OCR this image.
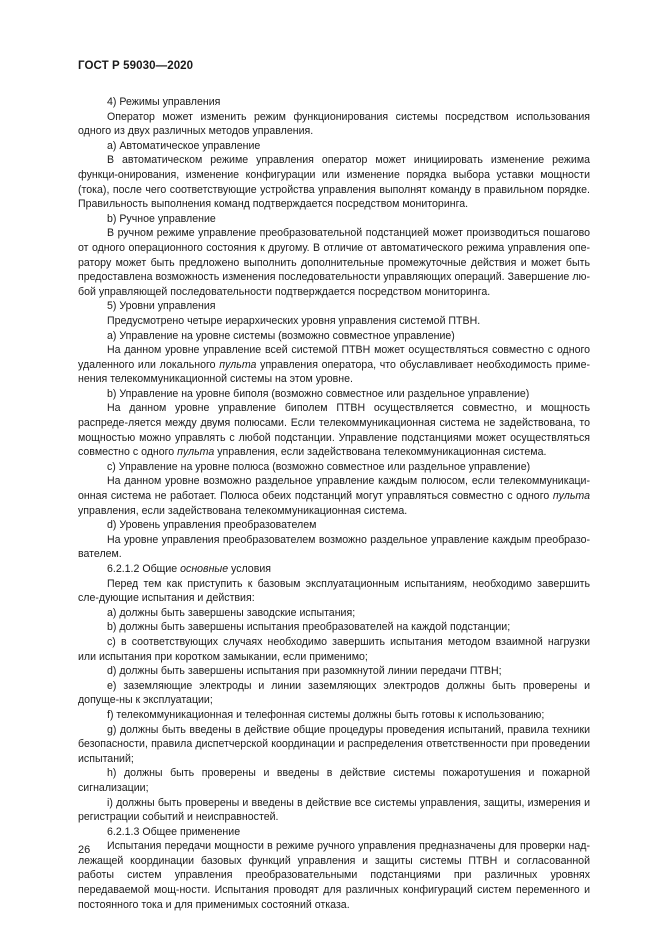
ГОСТ Р 59030—2020

4) Режимы управления

Оператор может изменить режим функционирования системы посредством использования одного из двух различных методов управления.

a) Автоматическое управление

В автоматическом режиме управления оператор может инициировать изменение режима функци-онирования, изменение конфигурации или изменение порядка выбора уставки мощности (тока), после чего соответствующие устройства управления выполнят команду в правильном порядке. Правильность выполнения команд подтверждается посредством мониторинга.

b) Ручное управление

В ручном режиме управление преобразовательной подстанцией может производиться пошагово от одного операционного состояния к другому. В отличие от автоматического режима управления опе-ратору может быть предложено выполнить дополнительные промежуточные действия и может быть предоставлена возможность изменения последовательности управляющих операций. Завершение лю-бой управляющей последовательности подтверждается посредством мониторинга.

5) Уровни управления

Предусмотрено четыре иерархических уровня управления системой ПТВН.

a) Управление на уровне системы (возможно совместное управление)

На данном уровне управление всей системой ПТВН может осуществляться совместно с одного удаленного или локального пульта управления оператора, что обуславливает необходимость приме-нения телекоммуникационной системы на этом уровне.

b) Управление на уровне биполя (возможно совместное или раздельное управление)

На данном уровне управление биполем ПТВН осуществляется совместно, и мощность распреде-ляется между двумя полюсами. Если телекоммуникационная система не задействована, то мощностью можно управлять с любой подстанции. Управление подстанциями может осуществляться совместно с одного пульта управления, если задействована телекоммуникационная система.

c) Управление на уровне полюса (возможно совместное или раздельное управление)

На данном уровне возможно раздельное управление каждым полюсом, если телекоммуникаци-онная система не работает. Полюса обеих подстанций могут управляться совместно с одного пульта управления, если задействована телекоммуникационная система.

d) Уровень управления преобразователем

На уровне управления преобразователем возможно раздельное управление каждым преобразо-вателем.

6.2.1.2 Общие основные условия

Перед тем как приступить к базовым эксплуатационным испытаниям, необходимо завершить сле-дующие испытания и действия:

a) должны быть завершены заводские испытания;

b) должны быть завершены испытания преобразователей на каждой подстанции;

c) в соответствующих случаях необходимо завершить испытания методом взаимной нагрузки или испытания при коротком замыкании, если применимо;

d) должны быть завершены испытания при разомкнутой линии передачи ПТВН;

e) заземляющие электроды и линии заземляющих электродов должны быть проверены и допуще-ны к эксплуатации;

f) телекоммуникационная и телефонная системы должны быть готовы к использованию;

g) должны быть введены в действие общие процедуры проведения испытаний, правила техники безопасности, правила диспетчерской координации и распределения ответственности при проведении испытаний;

h) должны быть проверены и введены в действие системы пожаротушения и пожарной сигнализации;

i) должны быть проверены и введены в действие все системы управления, защиты, измерения и регистрации событий и неисправностей.

6.2.1.3 Общее применение

Испытания передачи мощности в режиме ручного управления предназначены для проверки над-лежащей координации базовых функций управления и защиты системы ПТВН и согласованной работы систем управления преобразовательными подстанциями при различных уровнях передаваемой мощ-ности. Испытания проводят для различных конфигураций систем переменного и постоянного тока и для применимых состояний отказа.

26
